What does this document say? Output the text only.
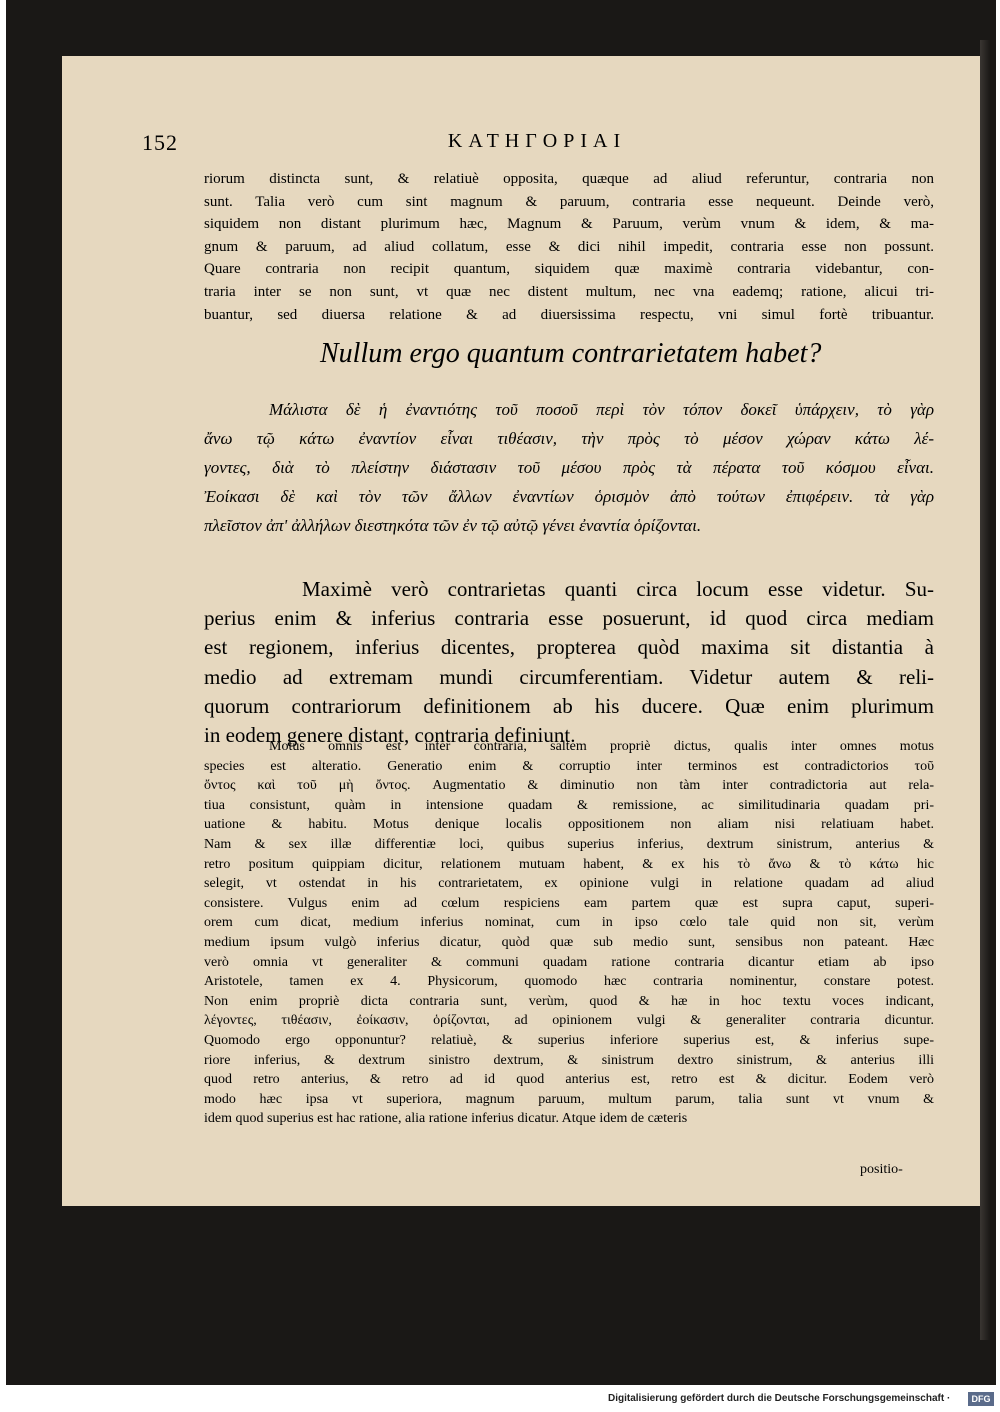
152	ΚΑΤΗΓΟΡΙΑΙ
riorum distincta sunt, & relatiuè opposita, quæque ad aliud referuntur, contraria non
sunt. Talia verò cum sint magnum & paruum, contraria esse nequeunt. Deinde verò,
siquidem non distant plurimum hæc, Magnum & Paruum, verùm vnum & idem, & ma-
gnum & paruum, ad aliud collatum, esse & dici nihil impedit, contraria esse non possunt.
Quare contraria non recipit quantum, siquidem quæ maximè contraria videbantur, con-
traria inter se non sunt, vt quæ nec distent multum, nec vna eademq; ratione, alicui tri-
buantur, sed diuersa relatione & ad diuersissima respectu, vni simul fortè tribuantur.
Nullum ergo quantum contrarietatem habet?
Μάλιστα δὲ ἡ ἐναντιότης τοῦ ποσοῦ περὶ τὸν τόπον δοκεῖ ὑπάρχειν, τὸ γὰρ
ἄνω τῷ κάτω ἐναντίον εἶναι τιθέασιν, τὴν πρὸς τὸ μέσον χώραν κάτω λέ-
γοντες, διὰ τὸ πλείστην διάστασιν τοῦ μέσου πρὸς τὰ πέρατα τοῦ κόσμου εἶναι.
Ἐοίκασι δὲ καὶ τὸν τῶν ἄλλων ἐναντίων ὁρισμὸν ἀπὸ τούτων ἐπιφέρειν. τὰ γὰρ
πλεῖστον ἀπ' ἀλλήλων διεστηκότα τῶν ἐν τῷ αὐτῷ γένει ἐναντία ὁρίζονται.
Maximè verò contrarietas quanti circa locum esse videtur. Su-
perius enim & inferius contraria esse posuerunt, id quod circa mediam
est regionem, inferius dicentes, propterea quòd maxima sit distantia à
medio ad extremam mundi circumferentiam. Videtur autem & reli-
quorum contrariorum definitionem ab his ducere. Quæ enim plurimum
in eodem genere distant, contraria definiunt.
Motus omnis est inter contraria, saltem propriè dictus, qualis inter omnes motus
species est alteratio. Generatio enim & corruptio inter terminos est contradictorios τοῦ
ὄντος καὶ τοῦ μὴ ὄντος. Augmentatio & diminutio non tàm inter contradictoria aut rela-
tiua consistunt, quàm in intensione quadam & remissione, ac similitudinaria quadam pri-
uatione & habitu. Motus denique localis oppositionem non aliam nisi relatiuam habet.
Nam & sex illæ differentiæ loci, quibus superius inferius, dextrum sinistrum, anterius &
retro positum quippiam dicitur, relationem mutuam habent, & ex his τὸ ἄνω & τὸ κάτω hic
selegit, vt ostendat in his contrarietatem, ex opinione vulgi in relatione quadam ad aliud
consistere. Vulgus enim ad cœlum respiciens eam partem quæ est supra caput, superi-
orem cum dicat, medium inferius nominat, cum in ipso cœlo tale quid non sit, verùm
medium ipsum vulgò inferius dicatur, quòd quæ sub medio sunt, sensibus non pateant. Hæc
verò omnia vt generaliter & communi quadam ratione contraria dicantur etiam ab ipso
Aristotele, tamen ex 4. Physicorum, quomodo hæc contraria nominentur, constare potest.
Non enim propriè dicta contraria sunt, verùm, quod & hæ in hoc textu voces indicant,
λέγοντες, τιθέασιν, ἐοίκασιν, ὁρίζονται, ad opinionem vulgi & generaliter contraria dicuntur.
Quomodo ergo opponuntur? relatiuè, & superius inferiore superius est, & inferius supe-
riore inferius, & dextrum sinistro dextrum, & sinistrum dextro sinistrum, & anterius illi
quod retro anterius, & retro ad id quod anterius est, retro est & dicitur. Eodem verò
modo hæc ipsa vt superiora, magnum paruum, multum parum, talia sunt vt vnum &
idem quod superius est hac ratione, alia ratione inferius dicatur. Atque idem de cæteris
positio-
Digitalisierung gefördert durch die Deutsche Forschungsgemeinschaft ·	DFG
